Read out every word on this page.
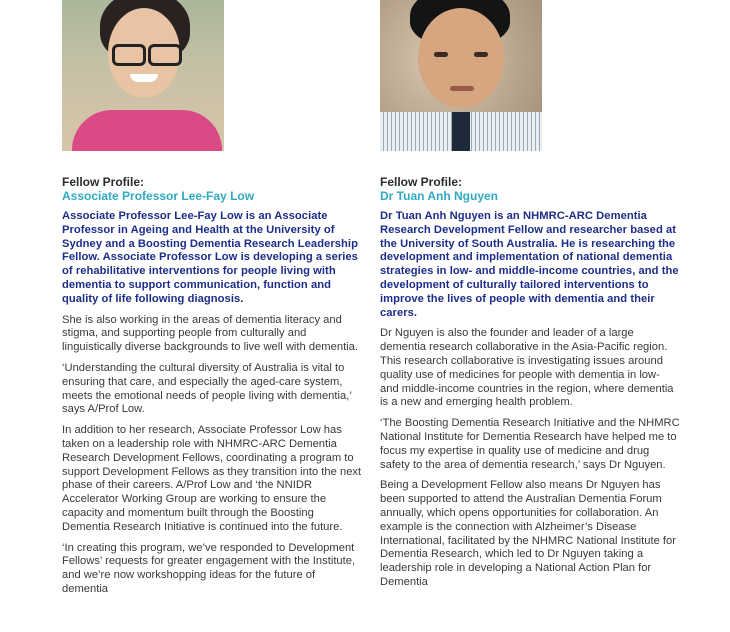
Fellow Profile:
Associate Professor Lee-Fay Low
Associate Professor Lee-Fay Low is an Associate Professor in Ageing and Health at the University of Sydney and a Boosting Dementia Research Leadership Fellow. Associate Professor Low is developing a series of rehabilitative interventions for people living with dementia to support communication, function and quality of life following diagnosis.
She is also working in the areas of dementia literacy and stigma, and supporting people from culturally and linguistically diverse backgrounds to live well with dementia.
‘Understanding the cultural diversity of Australia is vital to ensuring that care, and especially the aged-care system, meets the emotional needs of people living with dementia,’ says A/Prof Low.
In addition to her research, Associate Professor Low has taken on a leadership role with NHMRC-ARC Dementia Research Development Fellows, coordinating a program to support Development Fellows as they transition into the next phase of their careers. A/Prof Low and ‘the NNIDR Accelerator Working Group are working to ensure the capacity and momentum built through the Boosting Dementia Research Initiative is continued into the future.
‘In creating this program, we’ve responded to Development Fellows’ requests for greater engagement with the Institute, and we’re now workshopping ideas for the future of dementia
Fellow Profile:
Dr Tuan Anh Nguyen
Dr Tuan Anh Nguyen is an NHMRC-ARC Dementia Research Development Fellow and researcher based at the University of South Australia. He is researching the development and implementation of national dementia strategies in low- and middle-income countries, and the development of culturally tailored interventions to improve the lives of people with dementia and their carers.
Dr Nguyen is also the founder and leader of a large dementia research collaborative in the Asia-Pacific region. This research collaborative is investigating issues around quality use of medicines for people with dementia in low- and middle-income countries in the region, where dementia is a new and emerging health problem.
‘The Boosting Dementia Research Initiative and the NHMRC National Institute for Dementia Research have helped me to focus my expertise in quality use of medicine and drug safety to the area of dementia research,’ says Dr Nguyen.
Being a Development Fellow also means Dr Nguyen has been supported to attend the Australian Dementia Forum annually, which opens opportunities for collaboration. An example is the connection with Alzheimer’s Disease International, facilitated by the NHMRC National Institute for Dementia Research, which led to Dr Nguyen taking a leadership role in developing a National Action Plan for Dementia
